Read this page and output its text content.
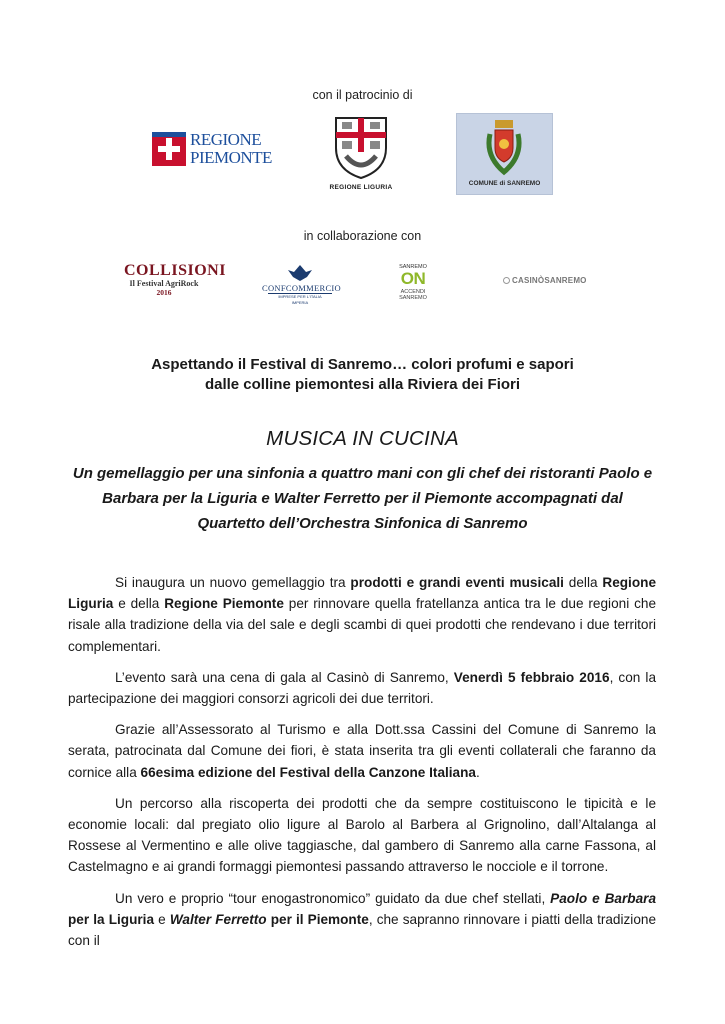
con il patrocinio di
REGIONE
PIEMONTE
REGIONE LIGURIA
COMUNE di SANREMO
in collaborazione con
COLLISIONI
Il Festival AgriRock
2016	CONFCOMMERCIO
IMPRESE PER L'ITALIA
IMPERIA
SANREMO
ON
ACCENDI
SANREMO
CASINÒSANREMO
Aspettando il Festival di Sanremo… colori profumi e sapori
dalle colline piemontesi alla Riviera dei Fiori
MUSICA IN CUCINA
Un gemellaggio per una sinfonia a quattro mani con gli chef dei ristoranti Paolo e
Barbara per la Liguria e Walter Ferretto per il Piemonte accompagnati dal
Quartetto dell’Orchestra Sinfonica di Sanremo

Si inaugura un nuovo gemellaggio tra prodotti e grandi eventi musicali della Regione Liguria e della Regione Piemonte per rinnovare quella fratellanza antica tra le due regioni che risale alla tradizione della via del sale e degli scambi di quei prodotti che rendevano i due territori complementari.

L’evento sarà una cena di gala al Casinò di Sanremo, Venerdì 5 febbraio 2016, con la partecipazione dei maggiori consorzi agricoli dei due territori.

Grazie all’Assessorato al Turismo e alla Dott.ssa Cassini del Comune di Sanremo la serata, patrocinata dal Comune dei fiori, è stata inserita tra gli eventi collaterali che faranno da cornice alla 66esima edizione del Festival della Canzone Italiana.

Un percorso alla riscoperta dei prodotti che da sempre costituiscono le tipicità e le economie locali: dal pregiato olio ligure al Barolo al Barbera al Grignolino, dall’Altalanga al Rossese al Vermentino e alle olive taggiasche, dal gambero di Sanremo alla carne Fassona, al Castelmagno e ai grandi formaggi piemontesi passando attraverso le nocciole e il torrone.

Un vero e proprio “tour enogastronomico” guidato da due chef stellati, Paolo e Barbara per la Liguria e Walter Ferretto per il Piemonte, che sapranno rinnovare i piatti della tradizione con il
